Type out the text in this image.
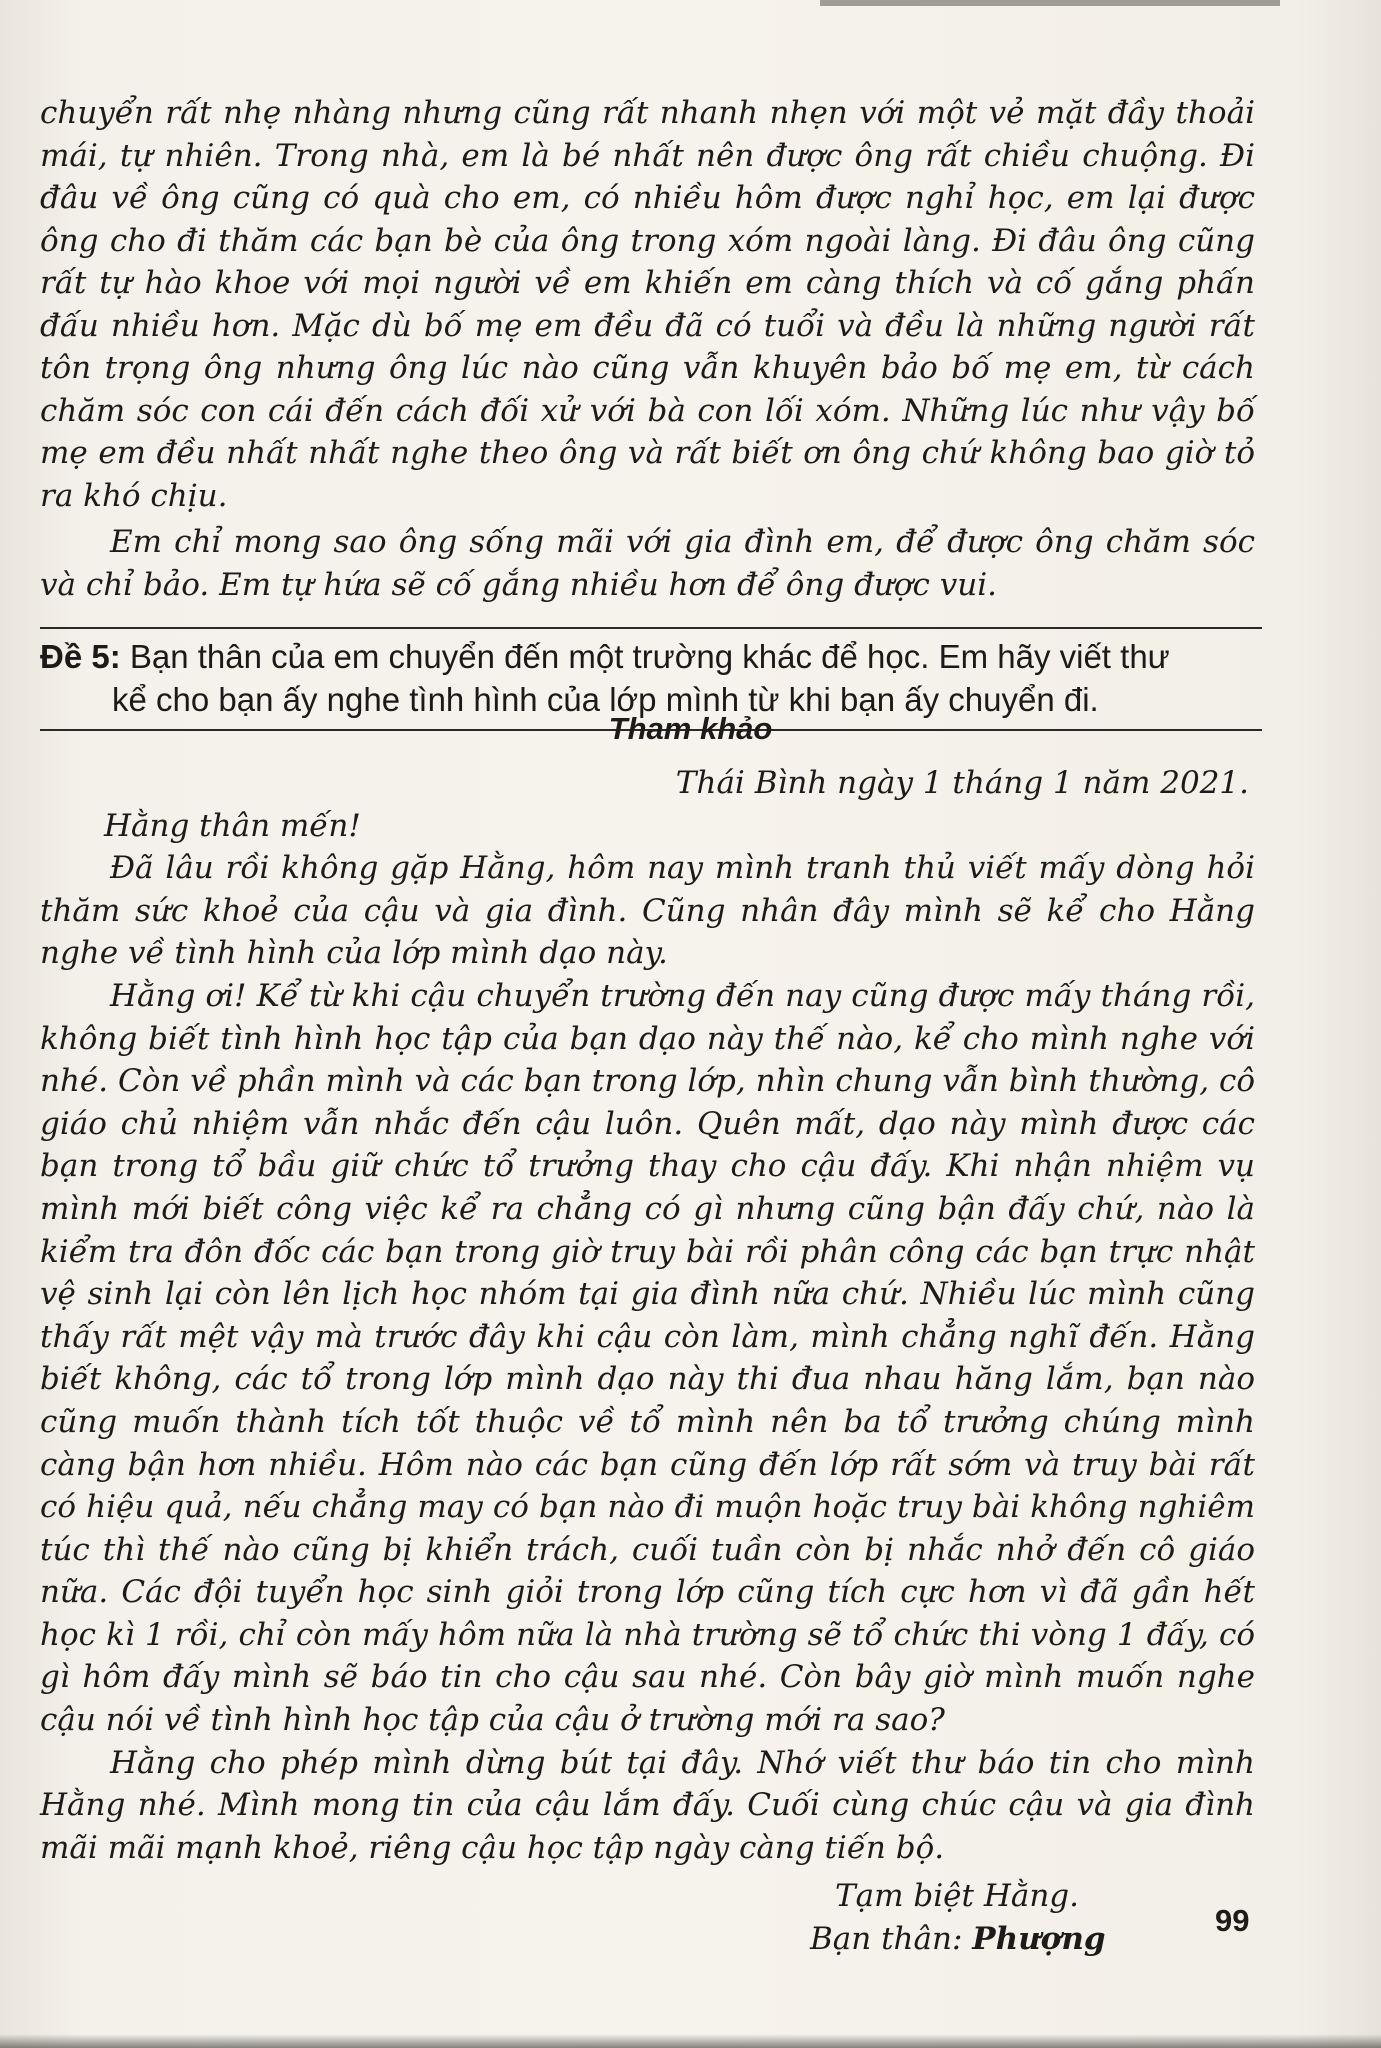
chuyển rất nhẹ nhàng nhưng cũng rất nhanh nhẹn với một vẻ mặt đầy thoải mái, tự nhiên. Trong nhà, em là bé nhất nên được ông rất chiều chuộng. Đi đâu về ông cũng có quà cho em, có nhiều hôm được nghỉ học, em lại được ông cho đi thăm các bạn bè của ông trong xóm ngoài làng. Đi đâu ông cũng rất tự hào khoe với mọi người về em khiến em càng thích và cố gắng phấn đấu nhiều hơn. Mặc dù bố mẹ em đều đã có tuổi và đều là những người rất tôn trọng ông nhưng ông lúc nào cũng vẫn khuyên bảo bố mẹ em, từ cách chăm sóc con cái đến cách đối xử với bà con lối xóm. Những lúc như vậy bố mẹ em đều nhất nhất nghe theo ông và rất biết ơn ông chứ không bao giờ tỏ ra khó chịu.

Em chỉ mong sao ông sống mãi với gia đình em, để được ông chăm sóc và chỉ bảo. Em tự hứa sẽ cố gắng nhiều hơn để ông được vui.

Đề 5: Bạn thân của em chuyển đến một trường khác để học. Em hãy viết thư
kể cho bạn ấy nghe tình hình của lớp mình từ khi bạn ấy chuyển đi.
Tham khảo

Thái Bình ngày 1 tháng 1 năm 2021.

Hằng thân mến!

Đã lâu rồi không gặp Hằng, hôm nay mình tranh thủ viết mấy dòng hỏi thăm sức khoẻ của cậu và gia đình. Cũng nhân đây mình sẽ kể cho Hằng nghe về tình hình của lớp mình dạo này.

Hằng ơi! Kể từ khi cậu chuyển trường đến nay cũng được mấy tháng rồi, không biết tình hình học tập của bạn dạo này thế nào, kể cho mình nghe với nhé. Còn về phần mình và các bạn trong lớp, nhìn chung vẫn bình thường, cô giáo chủ nhiệm vẫn nhắc đến cậu luôn. Quên mất, dạo này mình được các bạn trong tổ bầu giữ chức tổ trưởng thay cho cậu đấy. Khi nhận nhiệm vụ mình mới biết công việc kể ra chẳng có gì nhưng cũng bận đấy chứ, nào là kiểm tra đôn đốc các bạn trong giờ truy bài rồi phân công các bạn trực nhật vệ sinh lại còn lên lịch học nhóm tại gia đình nữa chứ. Nhiều lúc mình cũng thấy rất mệt vậy mà trước đây khi cậu còn làm, mình chẳng nghĩ đến. Hằng biết không, các tổ trong lớp mình dạo này thi đua nhau hăng lắm, bạn nào cũng muốn thành tích tốt thuộc về tổ mình nên ba tổ trưởng chúng mình càng bận hơn nhiều. Hôm nào các bạn cũng đến lớp rất sớm và truy bài rất có hiệu quả, nếu chẳng may có bạn nào đi muộn hoặc truy bài không nghiêm túc thì thế nào cũng bị khiển trách, cuối tuần còn bị nhắc nhở đến cô giáo nữa. Các đội tuyển học sinh giỏi trong lớp cũng tích cực hơn vì đã gần hết học kì 1 rồi, chỉ còn mấy hôm nữa là nhà trường sẽ tổ chức thi vòng 1 đấy, có gì hôm đấy mình sẽ báo tin cho cậu sau nhé. Còn bây giờ mình muốn nghe cậu nói về tình hình học tập của cậu ở trường mới ra sao?

Hằng cho phép mình dừng bút tại đây. Nhớ viết thư báo tin cho mình Hằng nhé. Mình mong tin của cậu lắm đấy. Cuối cùng chúc cậu và gia đình mãi mãi mạnh khoẻ, riêng cậu học tập ngày càng tiến bộ.

Tạm biệt Hằng.

Bạn thân: Phượng

99
